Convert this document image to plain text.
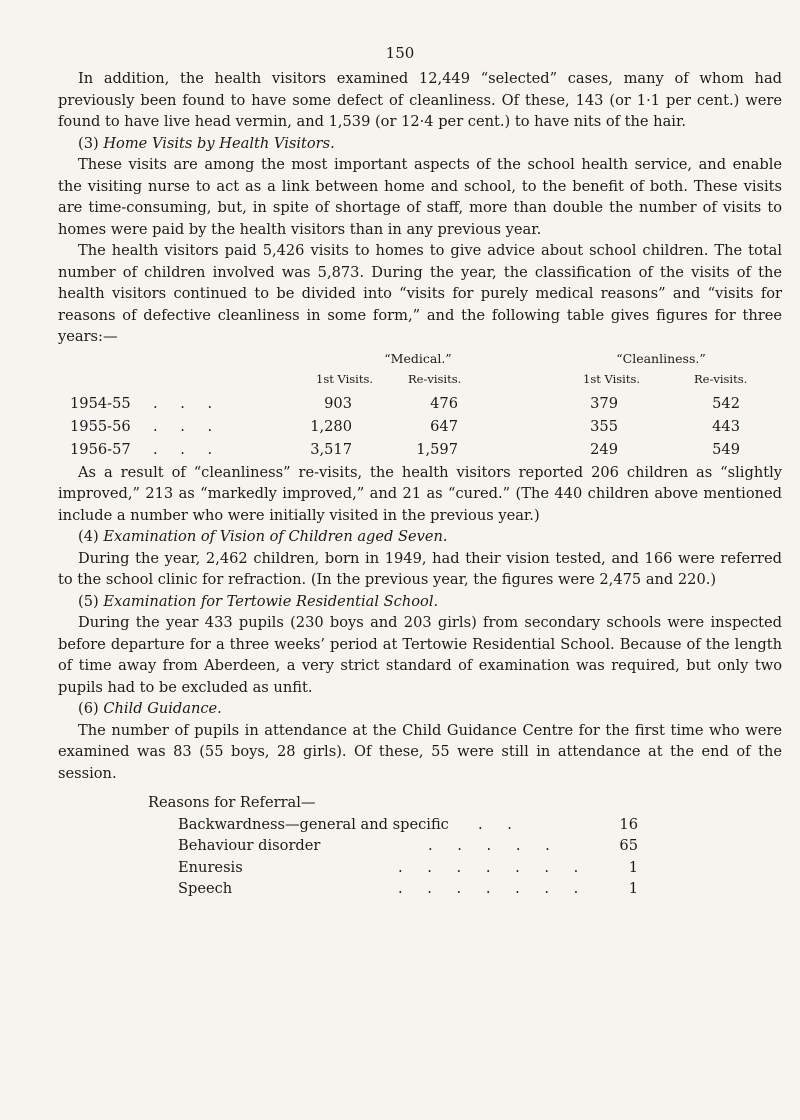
150

In addition, the health visitors examined 12,449 “selected” cases, many of whom had previously been found to have some defect of cleanliness. Of these, 143 (or 1·1 per cent.) were found to have live head vermin, and 1,539 (or 12·4 per cent.) to have nits of the hair.

(3) Home Visits by Health Visitors.

These visits are among the most important aspects of the school health service, and enable the visiting nurse to act as a link between home and school, to the benefit of both. These visits are time-consuming, but, in spite of shortage of staff, more than double the number of visits to homes were paid by the health visitors than in any previous year.

The health visitors paid 5,426 visits to homes to give advice about school children. The total number of children involved was 5,873. During the year, the classification of the visits of the health visitors continued to be divided into “visits for purely medical reasons” and “visits for reasons of defective cleanliness in some form,” and the following table gives figures for three years:—

“Medical.”	“Cleanliness.”
1st Visits.	Re-visits.	1st Visits.	Re-visits.
1954-55 . . .	903	476	379	542
1955-56 . . .	1,280	647	355	443
1956-57 . . .	3,517	1,597	249	549

As a result of “cleanliness” re-visits, the health visitors reported 206 children as “slightly improved,” 213 as “markedly improved,” and 21 as “cured.” (The 440 children above mentioned include a number who were initially visited in the previous year.)

(4) Examination of Vision of Children aged Seven.

During the year, 2,462 children, born in 1949, had their vision tested, and 166 were referred to the school clinic for refraction. (In the previous year, the figures were 2,475 and 220.)

(5) Examination for Tertowie Residential School.

During the year 433 pupils (230 boys and 203 girls) from secondary schools were inspected before departure for a three weeks’ period at Tertowie Residential School. Because of the length of time away from Aberdeen, a very strict standard of examination was required, but only two pupils had to be excluded as unfit.

(6) Child Guidance.

The number of pupils in attendance at the Child Guidance Centre for the first time who were examined was 83 (55 boys, 28 girls). Of these, 55 were still in attendance at the end of the session.

Reasons for Referral—
Backwardness—general and specific . .	16
Behaviour disorder	. . . . .	65
Enuresis	. . . . . . .	1
Speech	. . . . . . .	1
